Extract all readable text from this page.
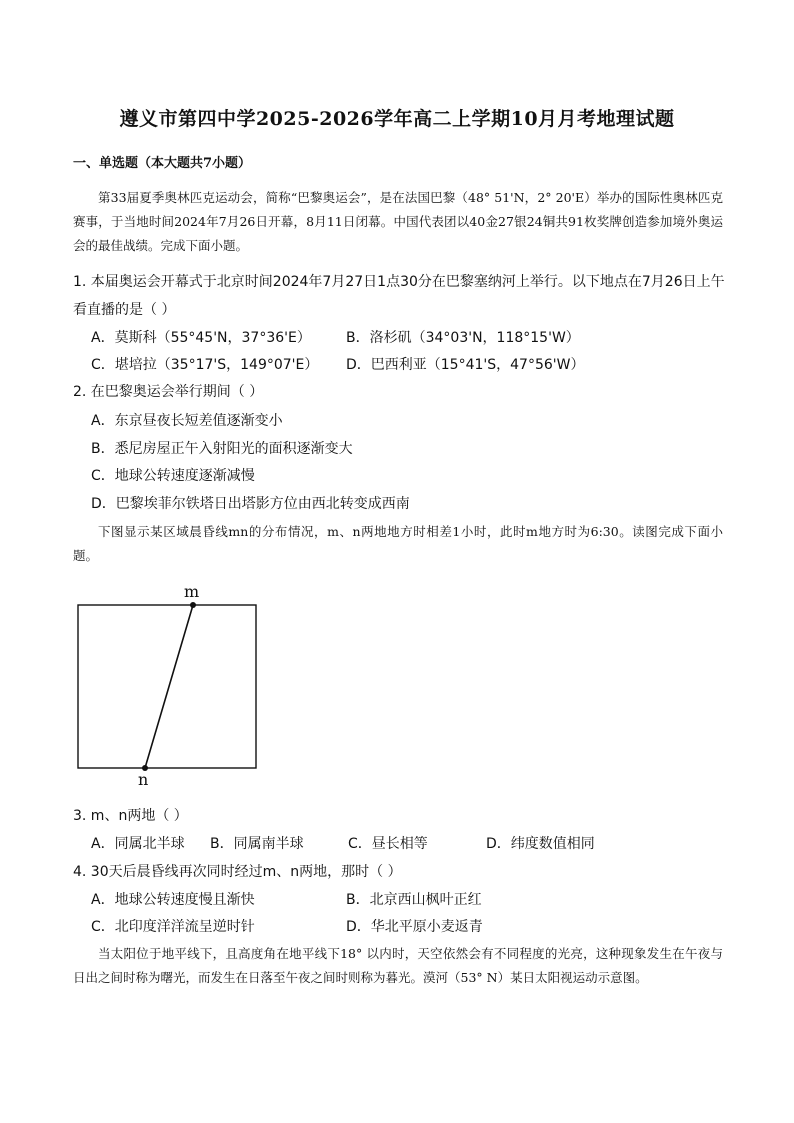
遵义市第四中学2025-2026学年高二上学期10月月考地理试题
一、单选题（本大题共7小题）
第33届夏季奥林匹克运动会，简称“巴黎奥运会”，是在法国巴黎（48° 51'N，2° 20'E）举办的国际性奥林匹克赛事，于当地时间2024年7月26日开幕，8月11日闭幕。中国代表团以40金27银24铜共91枚奖牌创造参加境外奥运会的最佳战绩。完成下面小题。
1. 本届奥运会开幕式于北京时间2024年7月27日1点30分在巴黎塞纳河上举行。以下地点在7月26日上午看直播的是（ ）
A．莫斯科（55°45'N，37°36'E）	B．洛杉矶（34°03'N，118°15'W）
C．堪培拉（35°17'S，149°07'E） D．巴西利亚（15°41'S，47°56'W）
2. 在巴黎奥运会举行期间（ ）
A．东京昼夜长短差值逐渐变小
B．悉尼房屋正午入射阳光的面积逐渐变大
C．地球公转速度逐渐减慢
D．巴黎埃菲尔铁塔日出塔影方位由西北转变成西南
下图显示某区域晨昏线mn的分布情况，m、n两地地方时相差1小时，此时m地方时为6:30。读图完成下面小题。
m
n
3. m、n两地（ ）
A．同属北半球 B．同属南半球	C．昼长相等	D．纬度数值相同
4. 30天后晨昏线再次同时经过m、n两地，那时（ ）
A．地球公转速度慢且渐快	B．北京西山枫叶正红
C．北印度洋洋流呈逆时针	D．华北平原小麦返青
当太阳位于地平线下，且高度角在地平线下18° 以内时，天空依然会有不同程度的光亮，这种现象发生在午夜与日出之间时称为曙光，而发生在日落至午夜之间时则称为暮光。漠河（53° N）某日太阳视运动示意图。
